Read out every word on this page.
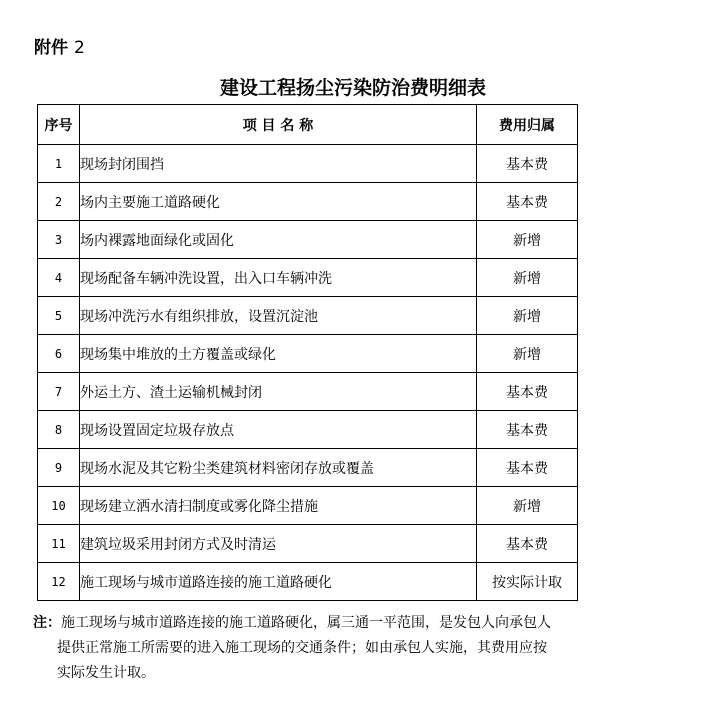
附件 2
建设工程扬尘污染防治费明细表
序号	项 目 名 称	费用归属
1	现场封闭围挡	基本费
2	场内主要施工道路硬化	基本费
3	场内裸露地面绿化或固化	新增
4	现场配备车辆冲洗设置，出入口车辆冲洗	新增
5	现场冲洗污水有组织排放，设置沉淀池	新增
6	现场集中堆放的土方覆盖或绿化	新增
7	外运土方、渣土运输机械封闭	基本费
8	现场设置固定垃圾存放点	基本费
9	现场水泥及其它粉尘类建筑材料密闭存放或覆盖	基本费
10	现场建立洒水清扫制度或雾化降尘措施	新增
11	建筑垃圾采用封闭方式及时清运	基本费
12	施工现场与城市道路连接的施工道路硬化	按实际计取
注：施工现场与城市道路连接的施工道路硬化，属三通一平范围，是发包人向承包人
提供正常施工所需要的进入施工现场的交通条件；如由承包人实施，其费用应按
实际发生计取。
